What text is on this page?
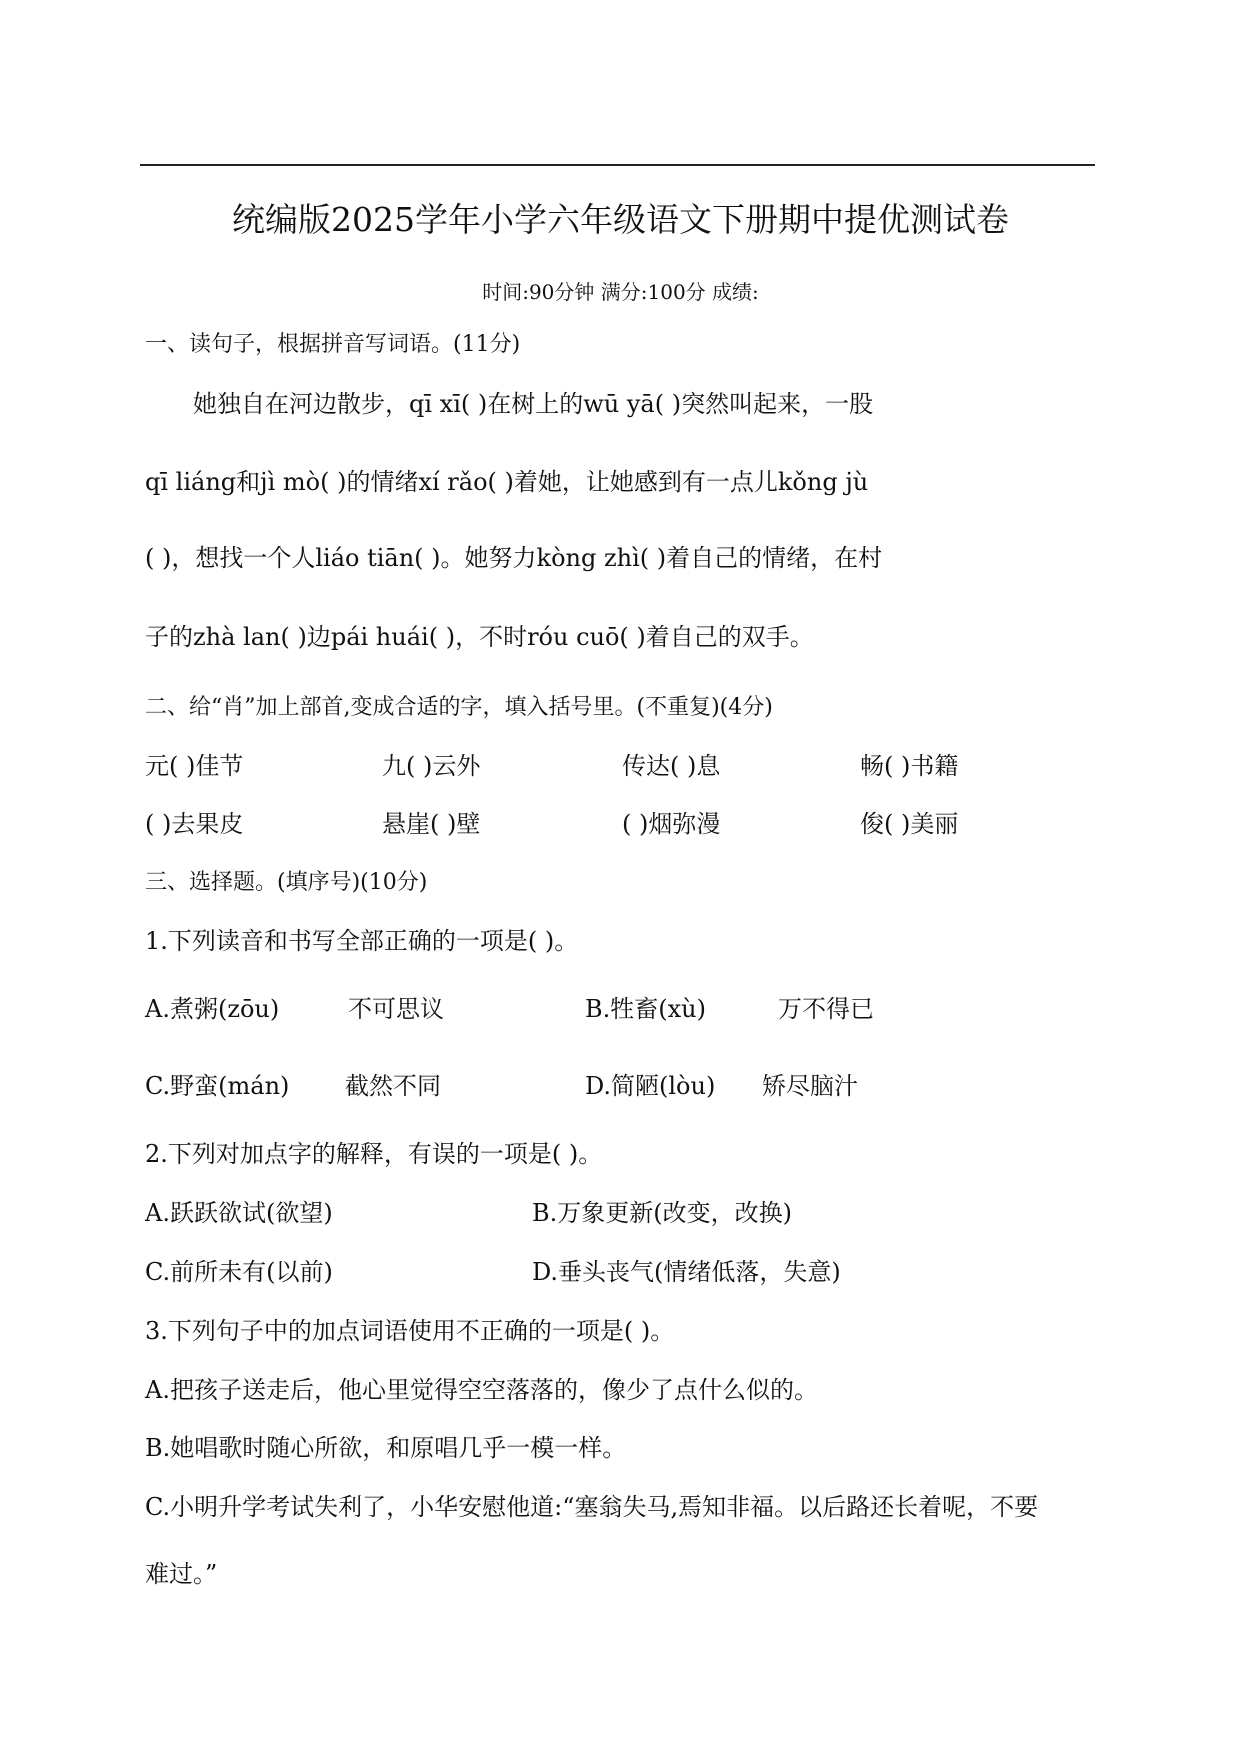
统编版2025学年小学六年级语文下册期中提优测试卷
时间:90分钟 满分:100分 成绩:
一、读句子，根据拼音写词语。(11分)
她独自在河边散步，qī xī( )在树上的wū yā( )突然叫起来，一股
qī liáng和jì mò( )的情绪xí rǎo( )着她，让她感到有一点儿kǒng jù
( )，想找一个人liáo tiān( )。她努力kòng zhì( )着自己的情绪，在村
子的zhà lan( )边pái huái( )，不时róu cuō( )着自己的双手。
二、给“肖”加上部首,变成合适的字，填入括号里。(不重复)(4分)
元( )佳节	九( )云外	传达( )息	畅( )书籍
( )去果皮	悬崖( )壁	( )烟弥漫	俊( )美丽
三、选择题。(填序号)(10分)
1.下列读音和书写全部正确的一项是( )。
A.煮粥(zōu)	不可思议	B.牲畜(xù)	万不得已
C.野蛮(mán) 截然不同	D.简陋(lòu) 矫尽脑汁
2.下列对加点字的解释，有误的一项是( )。
A.跃跃欲试(欲望)	B.万象更新(改变，改换)
C.前所未有(以前)	D.垂头丧气(情绪低落，失意)
3.下列句子中的加点词语使用不正确的一项是( )。
A.把孩子送走后，他心里觉得空空落落的，像少了点什么似的。
B.她唱歌时随心所欲，和原唱几乎一模一样。
C.小明升学考试失利了，小华安慰他道:“塞翁失马,焉知非福。以后路还长着呢，不要
难过。”
